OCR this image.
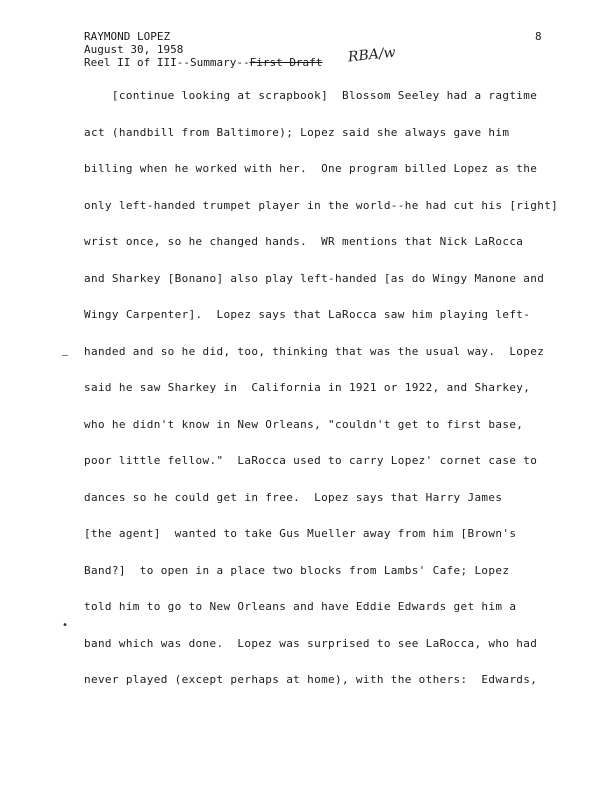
RAYMOND LOPEZ
August 30, 1958
Reel II of III--Summary--First Draft RBA/w
8
[continue looking at scrapbook]  Blossom Seeley had a ragtime
act (handbill from Baltimore); Lopez said she always gave him
billing when he worked with her.  One program billed Lopez as the
only left-handed trumpet player in the world--he had cut his [right]
wrist once, so he changed hands.  WR mentions that Nick LaRocca
and Sharkey [Bonano] also play left-handed [as do Wingy Manone and
Wingy Carpenter].  Lopez says that LaRocca saw him playing left-
handed and so he did, too, thinking that was the usual way.  Lopez
said he saw Sharkey in  California in 1921 or 1922, and Sharkey,
who he didn't know in New Orleans, "couldn't get to first base,
poor little fellow."  LaRocca used to carry Lopez' cornet case to
dances so he could get in free.  Lopez says that Harry James
[the agent]  wanted to take Gus Mueller away from him [Brown's
Band?]  to open in a place two blocks from Lambs' Cafe; Lopez
told him to go to New Orleans and have Eddie Edwards get him a
band which was done.  Lopez was surprised to see LaRocca, who had
never played (except perhaps at home), with the others:  Edwards,
–
•
